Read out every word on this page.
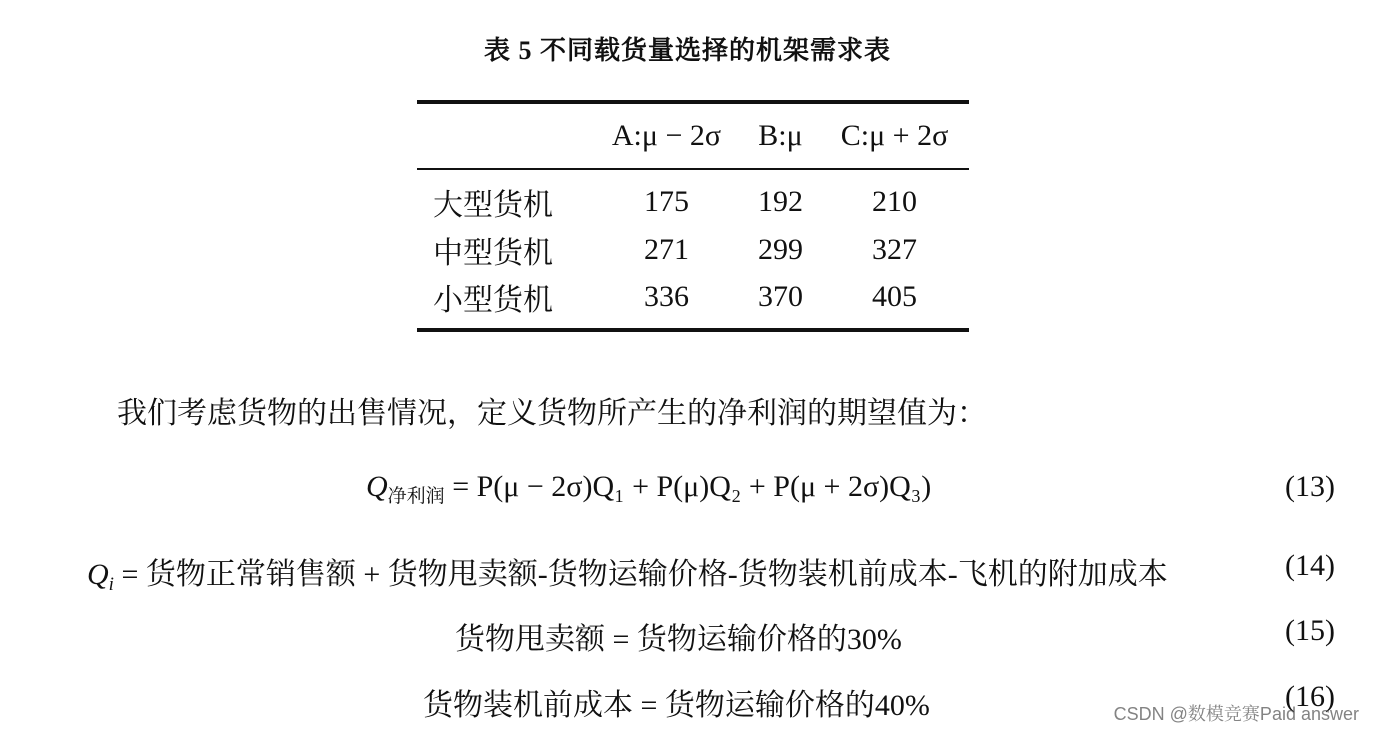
表 5 不同载货量选择的机架需求表
	A:μ − 2σ	B:μ	C:μ + 2σ
大型货机	175	192	210
中型货机	271	299	327
小型货机	336	370	405
我们考虑货物的出售情况，定义货物所产生的净利润的期望值为：
$Q_{净利润} = P(\mu - 2\sigma)Q_1 + P(\mu)Q_2 + P(\mu + 2\sigma)Q_3$)	(13)
$Q_i$ = 货物正常销售额 + 货物甩卖额-货物运输价格-货物装机前成本-飞机的附加成本	(14)
货物甩卖额 = 货物运输价格的30%	(15)
货物装机前成本 = 货物运输价格的40%	(16)
CSDN @数模竞赛Paid answer
